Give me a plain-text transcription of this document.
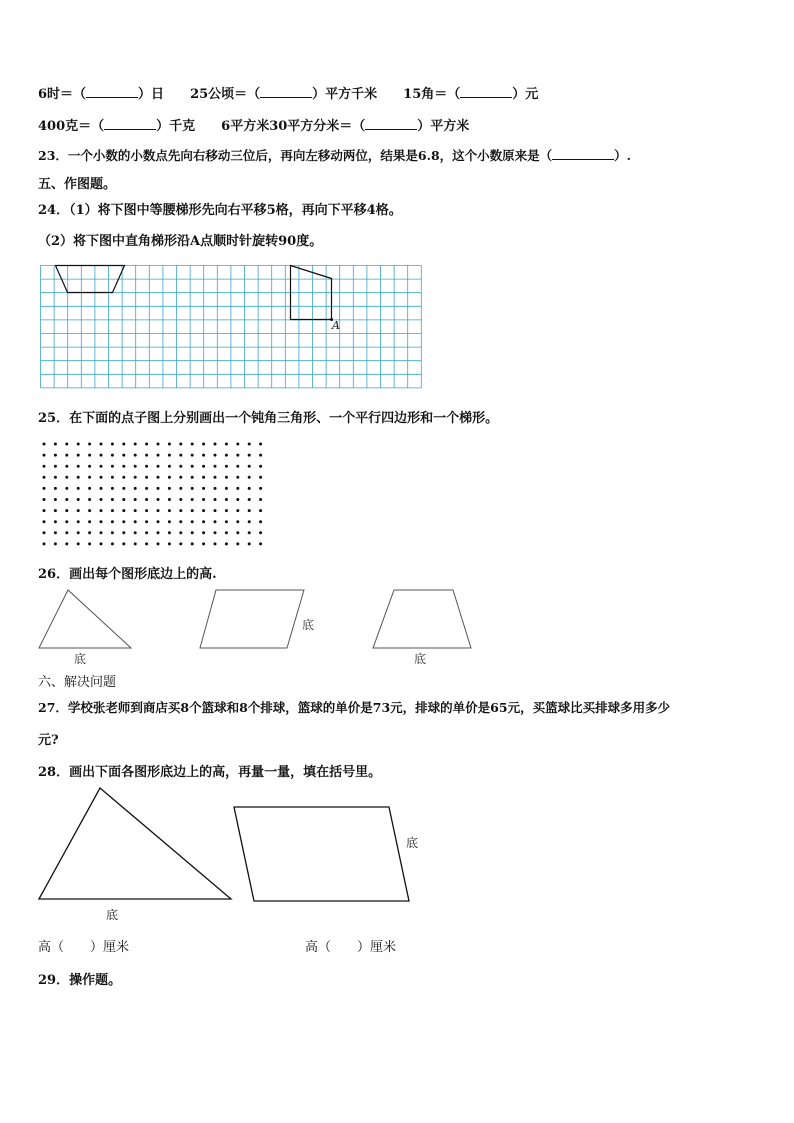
6时＝（	）日 25公顷＝（	）平方千米 15角＝（	）元
400克＝（	）千克 6平方米30平方分米＝（	）平方米
23．一个小数的小数点先向右移动三位后，再向左移动两位，结果是6.8，这个小数原来是（	）.
五、作图题。
24．（1）将下图中等腰梯形先向右平移5格，再向下平移4格。
（2）将下图中直角梯形沿A点顺时针旋转90度。
A
25．在下面的点子图上分别画出一个钝角三角形、一个平行四边形和一个梯形。
26．画出每个图形底边上的高.
底
底
底
六、解决问题
27．学校张老师到商店买8个篮球和8个排球，篮球的单价是73元，排球的单价是65元，买篮球比买排球多用多少
元?
28．画出下面各图形底边上的高，再量一量，填在括号里。
底
底
高（　　）厘米	高（　　）厘米
29．操作题。
